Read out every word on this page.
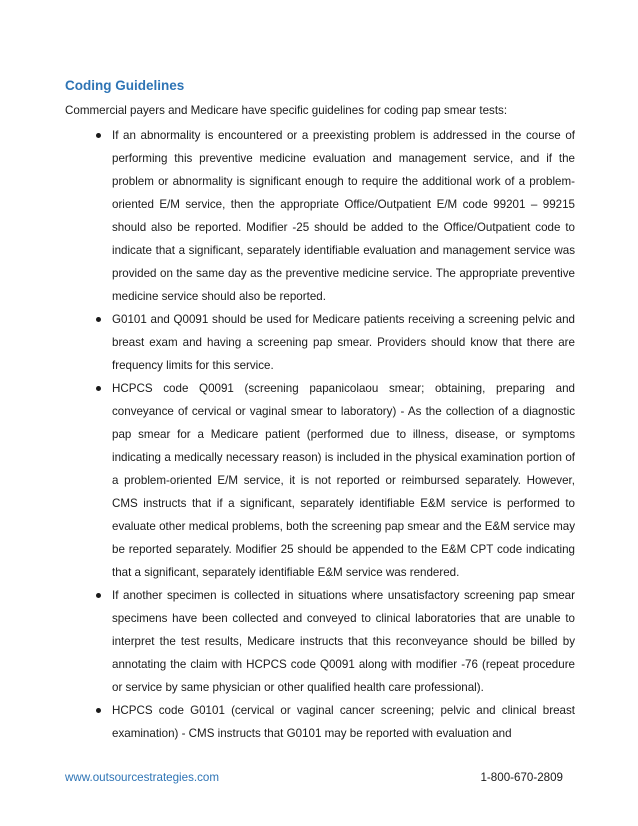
Coding Guidelines
Commercial payers and Medicare have specific guidelines for coding pap smear tests:
If an abnormality is encountered or a preexisting problem is addressed in the course of performing this preventive medicine evaluation and management service, and if the problem or abnormality is significant enough to require the additional work of a problem-oriented E/M service, then the appropriate Office/Outpatient E/M code 99201 – 99215 should also be reported. Modifier -25 should be added to the Office/Outpatient code to indicate that a significant, separately identifiable evaluation and management service was provided on the same day as the preventive medicine service. The appropriate preventive medicine service should also be reported.
G0101 and Q0091 should be used for Medicare patients receiving a screening pelvic and breast exam and having a screening pap smear. Providers should know that there are frequency limits for this service.
HCPCS code Q0091 (screening papanicolaou smear; obtaining, preparing and conveyance of cervical or vaginal smear to laboratory) - As the collection of a diagnostic pap smear for a Medicare patient (performed due to illness, disease, or symptoms indicating a medically necessary reason) is included in the physical examination portion of a problem-oriented E/M service, it is not reported or reimbursed separately. However, CMS instructs that if a significant, separately identifiable E&M service is performed to evaluate other medical problems, both the screening pap smear and the E&M service may be reported separately. Modifier 25 should be appended to the E&M CPT code indicating that a significant, separately identifiable E&M service was rendered.
If another specimen is collected in situations where unsatisfactory screening pap smear specimens have been collected and conveyed to clinical laboratories that are unable to interpret the test results, Medicare instructs that this reconveyance should be billed by annotating the claim with HCPCS code Q0091 along with modifier -76 (repeat procedure or service by same physician or other qualified health care professional).
HCPCS code G0101 (cervical or vaginal cancer screening; pelvic and clinical breast examination) - CMS instructs that G0101 may be reported with evaluation and
www.outsourcestrategies.com	1-800-670-2809
